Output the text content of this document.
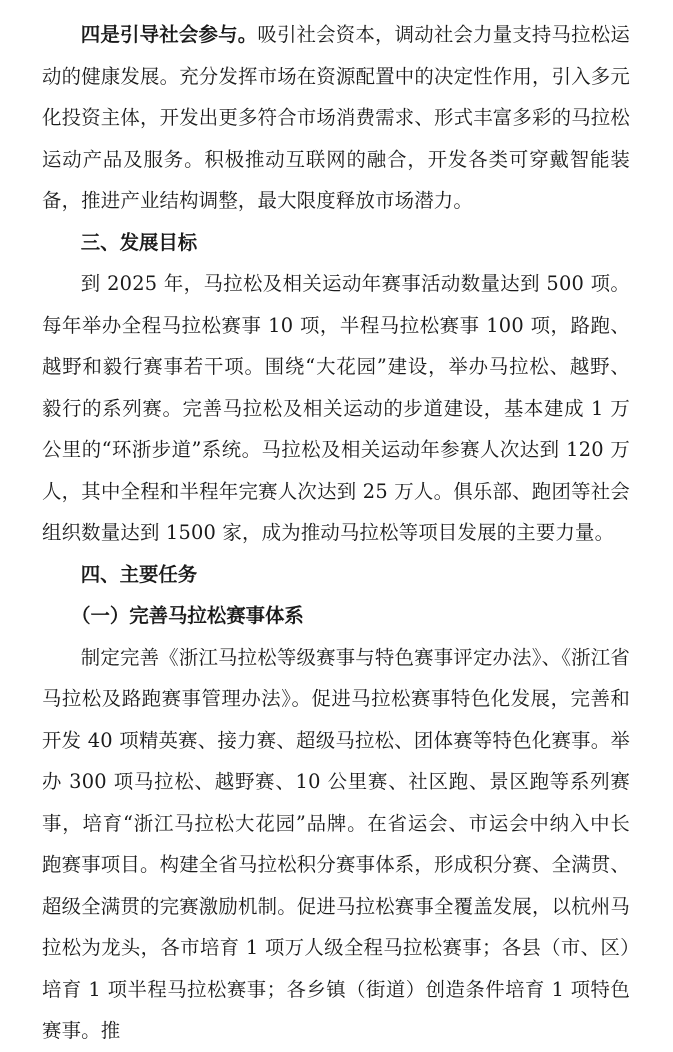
四是引导社会参与。吸引社会资本，调动社会力量支持马拉松运动的健康发展。充分发挥市场在资源配置中的决定性作用，引入多元化投资主体，开发出更多符合市场消费需求、形式丰富多彩的马拉松运动产品及服务。积极推动互联网的融合，开发各类可穿戴智能装备，推进产业结构调整，最大限度释放市场潜力。

三、发展目标

到 2025 年，马拉松及相关运动年赛事活动数量达到 500 项。每年举办全程马拉松赛事 10 项，半程马拉松赛事 100 项，路跑、越野和毅行赛事若干项。围绕“大花园”建设，举办马拉松、越野、毅行的系列赛。完善马拉松及相关运动的步道建设，基本建成 1 万公里的“环浙步道”系统。马拉松及相关运动年参赛人次达到 120 万人，其中全程和半程年完赛人次达到 25 万人。俱乐部、跑团等社会组织数量达到 1500 家，成为推动马拉松等项目发展的主要力量。

四、主要任务

（一）完善马拉松赛事体系

制定完善《浙江马拉松等级赛事与特色赛事评定办法》、《浙江省马拉松及路跑赛事管理办法》。促进马拉松赛事特色化发展，完善和开发 40 项精英赛、接力赛、超级马拉松、团体赛等特色化赛事。举办 300 项马拉松、越野赛、10 公里赛、社区跑、景区跑等系列赛事，培育“浙江马拉松大花园”品牌。在省运会、市运会中纳入中长跑赛事项目。构建全省马拉松积分赛事体系，形成积分赛、全满贯、超级全满贯的完赛激励机制。促进马拉松赛事全覆盖发展，以杭州马拉松为龙头，各市培育 1 项万人级全程马拉松赛事；各县（市、区）培育 1 项半程马拉松赛事；各乡镇（街道）创造条件培育 1 项特色赛事。推
